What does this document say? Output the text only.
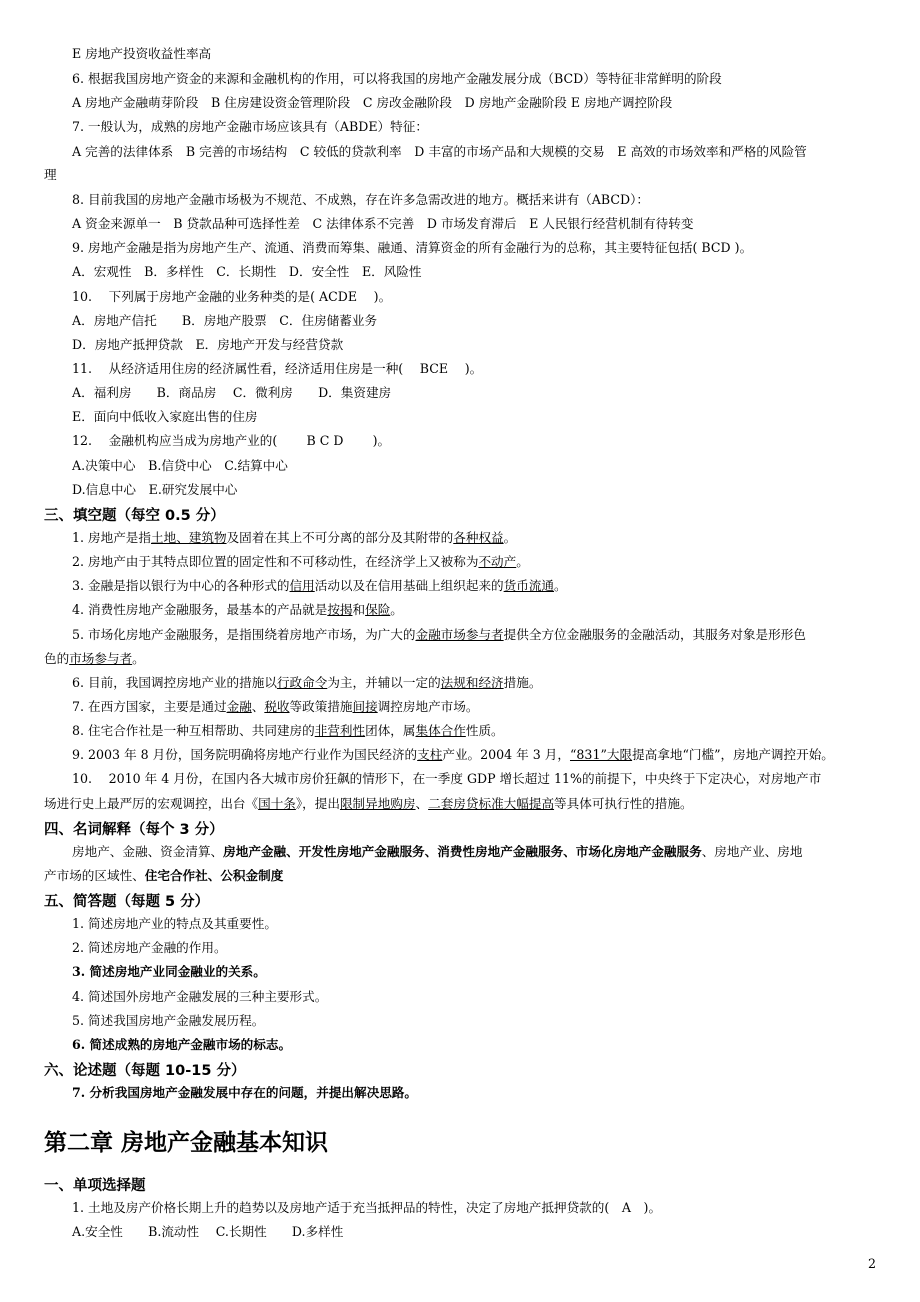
E 房地产投资收益性率高
6. 根据我国房地产资金的来源和金融机构的作用，可以将我国的房地产金融发展分成（BCD）等特征非常鲜明的阶段
A 房地产金融萌芽阶段　B 住房建设资金管理阶段　C 房改金融阶段　D 房地产金融阶段 E 房地产调控阶段
7. 一般认为，成熟的房地产金融市场应该具有（ABDE）特征：
A 完善的法律体系　B 完善的市场结构　C 较低的贷款利率　D 丰富的市场产品和大规模的交易　E 高效的市场效率和严格的风险管
理
8. 目前我国的房地产金融市场极为不规范、不成熟，存在许多急需改进的地方。概括来讲有（ABCD）：
A 资金来源单一　B 贷款品种可选择性差　C 法律体系不完善　D 市场发育滞后　E 人民银行经营机制有待转变
9. 房地产金融是指为房地产生产、流通、消费而筹集、融通、清算资金的所有金融行为的总称，其主要特征包括( BCD )。
A．宏观性　B．多样性　C．长期性　D．安全性　E．风险性
10.　 下列属于房地产金融的业务种类的是( ACDE　 )。
A．房地产信托　　B．房地产股票　C．住房储蓄业务
D．房地产抵押贷款　E．房地产开发与经营贷款
11.　 从经济适用住房的经济属性看，经济适用住房是一种(　 BCE　 )。
A．福利房　　B．商品房　 C．微利房　　D．集资建房
E．面向中低收入家庭出售的住房
12.　 金融机构应当成为房地产业的(　　 B C D　　 )。
A.决策中心　B.信贷中心　C.结算中心
D.信息中心　E.研究发展中心
三、填空题（每空 0.5 分）
1. 房地产是指土地、建筑物及固着在其上不可分离的部分及其附带的各种权益。
2. 房地产由于其特点即位置的固定性和不可移动性，在经济学上又被称为不动产。
3. 金融是指以银行为中心的各种形式的信用活动以及在信用基础上组织起来的货币流通。
4. 消费性房地产金融服务，最基本的产品就是按揭和保险。
5. 市场化房地产金融服务，是指围绕着房地产市场，为广大的金融市场参与者提供全方位金融服务的金融活动，其服务对象是形形色
色的市场参与者。
6. 目前，我国调控房地产业的措施以行政命令为主，并辅以一定的法规和经济措施。
7. 在西方国家，主要是通过金融、税收等政策措施间接调控房地产市场。
8. 住宅合作社是一种互相帮助、共同建房的非营利性团体，属集体合作性质。
9. 2003 年 8 月份，国务院明确将房地产行业作为国民经济的支柱产业。2004 年 3 月，“831”大限提高拿地“门槛”，房地产调控开始。
10.　 2010 年 4 月份，在国内各大城市房价狂飙的情形下，在一季度 GDP 增长超过 11%的前提下，中央终于下定决心，对房地产市
场进行史上最严厉的宏观调控，出台《国十条》，提出限制异地购房、二套房贷标准大幅提高等具体可执行性的措施。
四、名词解释（每个 3 分）
房地产、金融、资金清算、房地产金融、开发性房地产金融服务、消费性房地产金融服务、市场化房地产金融服务、房地产业、房地
产市场的区域性、住宅合作社、公积金制度
五、简答题（每题 5 分）
1. 简述房地产业的特点及其重要性。
2. 简述房地产金融的作用。
3. 简述房地产业同金融业的关系。
4. 简述国外房地产金融发展的三种主要形式。
5. 简述我国房地产金融发展历程。
6. 简述成熟的房地产金融市场的标志。
六、论述题（每题 10-15 分）
7. 分析我国房地产金融发展中存在的问题，并提出解决思路。
第二章 房地产金融基本知识
一、单项选择题
1. 土地及房产价格长期上升的趋势以及房地产适于充当抵押品的特性，决定了房地产抵押贷款的(　A　)。
A.安全性　　B.流动性　 C.长期性　　D.多样性
2
